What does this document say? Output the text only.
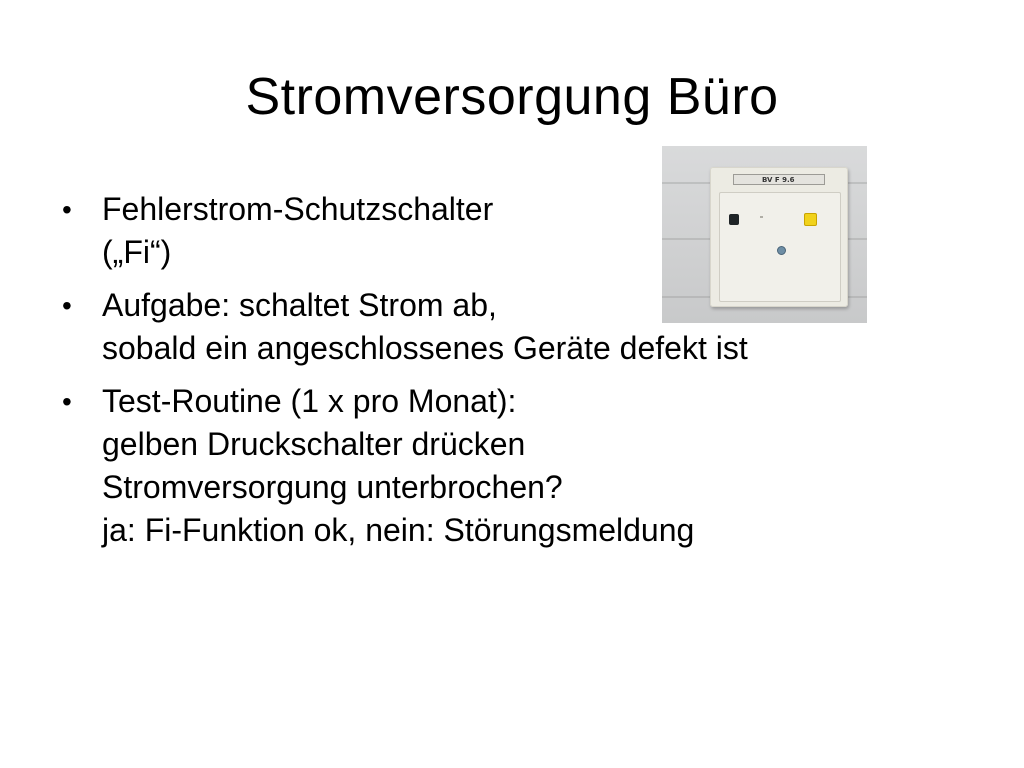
Stromversorgung Büro
• Fehlerstrom-Schutzschalter
(„Fi“)
• Aufgabe: schaltet Strom ab,
sobald ein angeschlossenes Geräte defekt ist
• Test-Routine (1 x pro Monat):
gelben Druckschalter drücken
Stromversorgung unterbrochen?
ja: Fi-Funktion ok, nein: Störungsmeldung
BV F 9.6
